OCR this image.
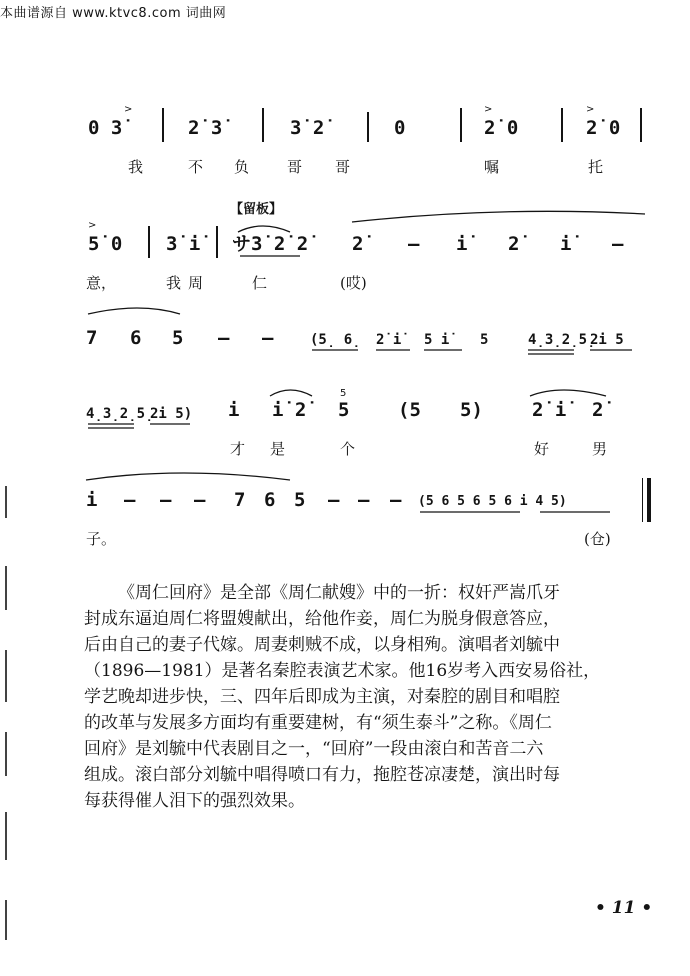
本曲谱源自 www.ktvc8.com 词曲网
0 3̇	2̇ 3̇	3̇ 2̇	0	2̇ 0	2̇ 0
我	不 负	哥 哥	嘱	托
【留板】
5̇ 0 3̇ i̇ サ3̇ 2̇ 2̇ 2̇ – i̇ 2̇ i̇ –
意，	我 周	仁	(哎)
7 6 5 – –	(5̣ 6̣ 2̇ i̇ 5 i̇ 5	4̣3̣2̣5̣
2̇i 5
4̣3̣2̣5̣
2̇i 5) i i̇ 2̇ 5	(5 5)	2̇ i̇ 2̇
才 是	个	好	男
i – – – 7 6 5 – – – (5 6 5 6 5 6 i 4 5)
子。	(仓)
>	>	>
>
5

《周仁回府》是全部《周仁献嫂》中的一折：权奸严嵩爪牙

封成东逼迫周仁将盟嫂献出，给他作妾，周仁为脱身假意答应，

后由自己的妻子代嫁。周妻刺贼不成，以身相殉。演唱者刘毓中

（1896—1981）是著名秦腔表演艺术家。他16岁考入西安易俗社，

学艺晚却进步快，三、四年后即成为主演，对秦腔的剧目和唱腔

的改革与发展多方面均有重要建树，有“须生泰斗”之称。《周仁

回府》是刘毓中代表剧目之一，“回府”一段由滚白和苦音二六

组成。滚白部分刘毓中唱得喷口有力，拖腔苍凉凄楚，演出时每

每获得催人泪下的强烈效果。

• 11 •
